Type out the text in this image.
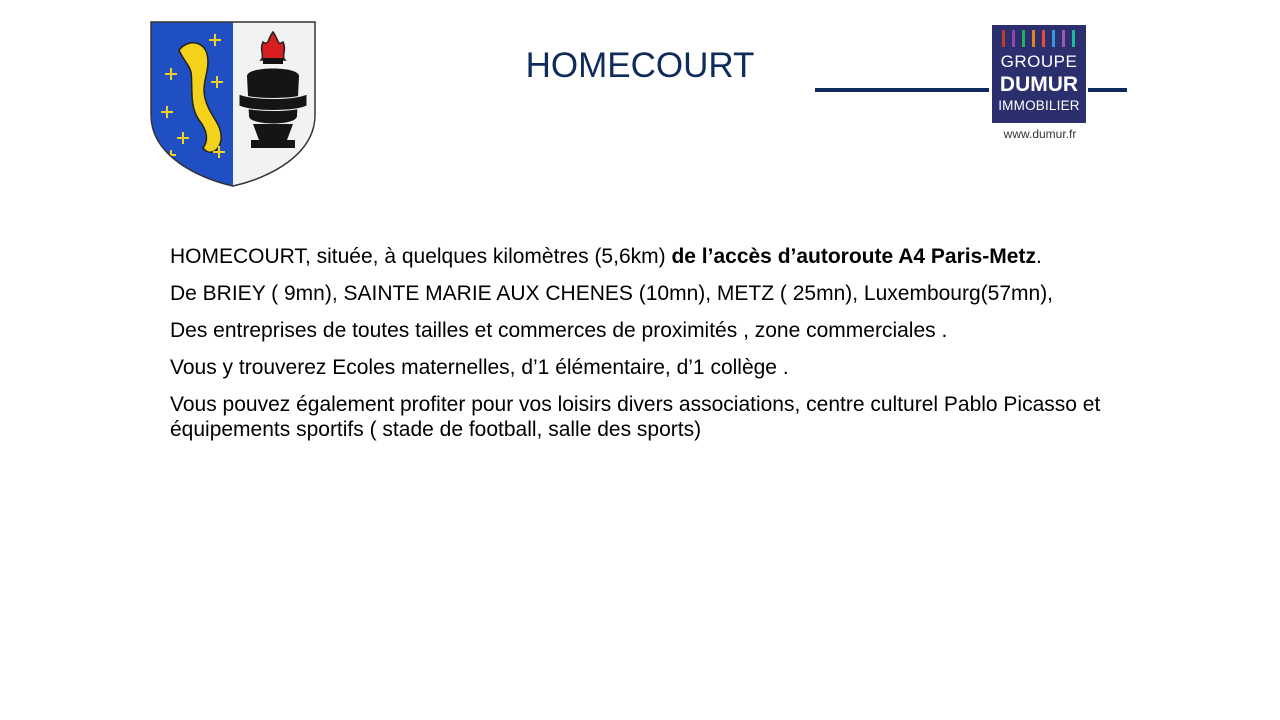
HOMECOURT	GROUPE
DUMUR
IMMOBILIER
www.dumur.fr

HOMECOURT, située, à quelques kilomètres (5,6km) de l’accès d’autoroute A4 Paris-Metz.

De BRIEY ( 9mn), SAINTE MARIE AUX CHENES (10mn), METZ ( 25mn), Luxembourg(57mn),

Des entreprises de toutes tailles et commerces de proximités , zone commerciales .

Vous y trouverez Ecoles maternelles, d’1 élémentaire, d’1 collège .

Vous pouvez également profiter pour vos loisirs divers associations, centre culturel Pablo Picasso et équipements sportifs ( stade de football, salle des sports)
